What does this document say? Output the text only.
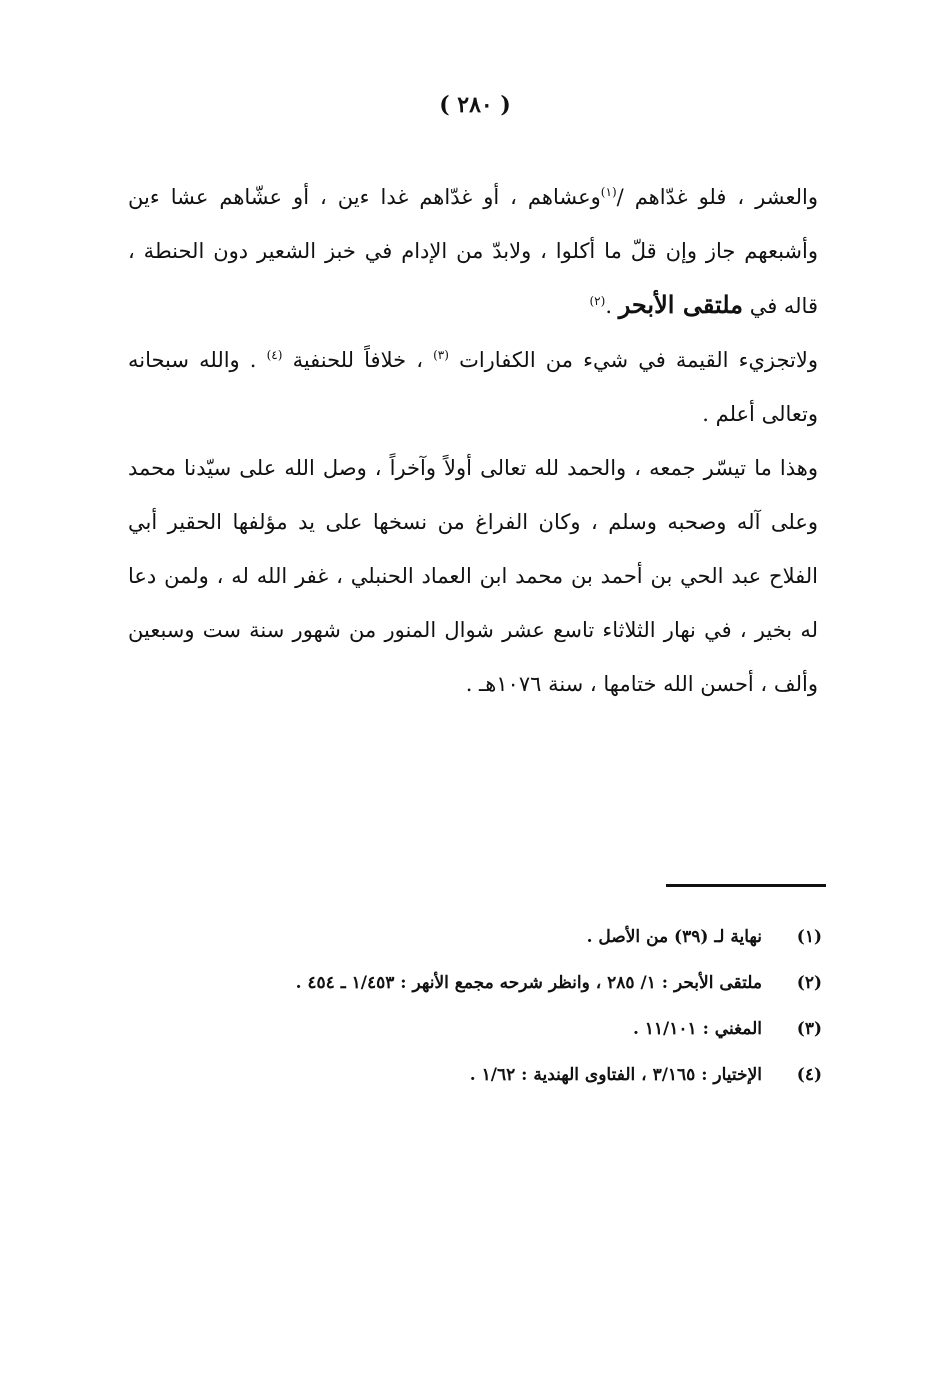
( ٢٨٠ )

والعشر ، فلو غدّاهم /$^{(١)}$وعشاهم ، أو غدّاهم غدا ءين ، أو عشّاهم عشا ءين وأشبعهم جاز وإن قلّ ما أكلوا ، ولابدّ من الإدام في خبز الشعير دون الحنطة ، قاله في ملتقى الأبحر .$^{(٢)}$

ولاتجزيء القيمة في شيء من الكفارات $^{(٣)}$ ، خلافاً للحنفية $^{(٤)}$ . والله سبحانه وتعالى أعلم .

وهذا ما تيسّر جمعه ، والحمد لله تعالى أولاً وآخراً ، وصل الله على سيّدنا محمد وعلى آله وصحبه وسلم ، وكان الفراغ من نسخها على يد مؤلفها الحقير أبي الفلاح عبد الحي بن أحمد بن محمد ابن العماد الحنبلي ، غفر الله له ، ولمن دعا له بخير ، في نهار الثلاثاء تاسع عشر شوال المنور من شهور سنة ست وسبعين وألف ، أحسن الله ختامها ، سنة ١٠٧٦هـ .

(١)
نهاية لـ (٣٩) من الأصل .
(٢)
ملتقى الأبحر : ١/ ٢٨٥ ، وانظر شرحه مجمع الأنهر : ١/٤٥٣ ـ ٤٥٤ .
(٣)
المغني : ١١/١٠١ .
(٤)
الإختيار : ٣/١٦٥ ، الفتاوى الهندية : ١/٦٢ .
